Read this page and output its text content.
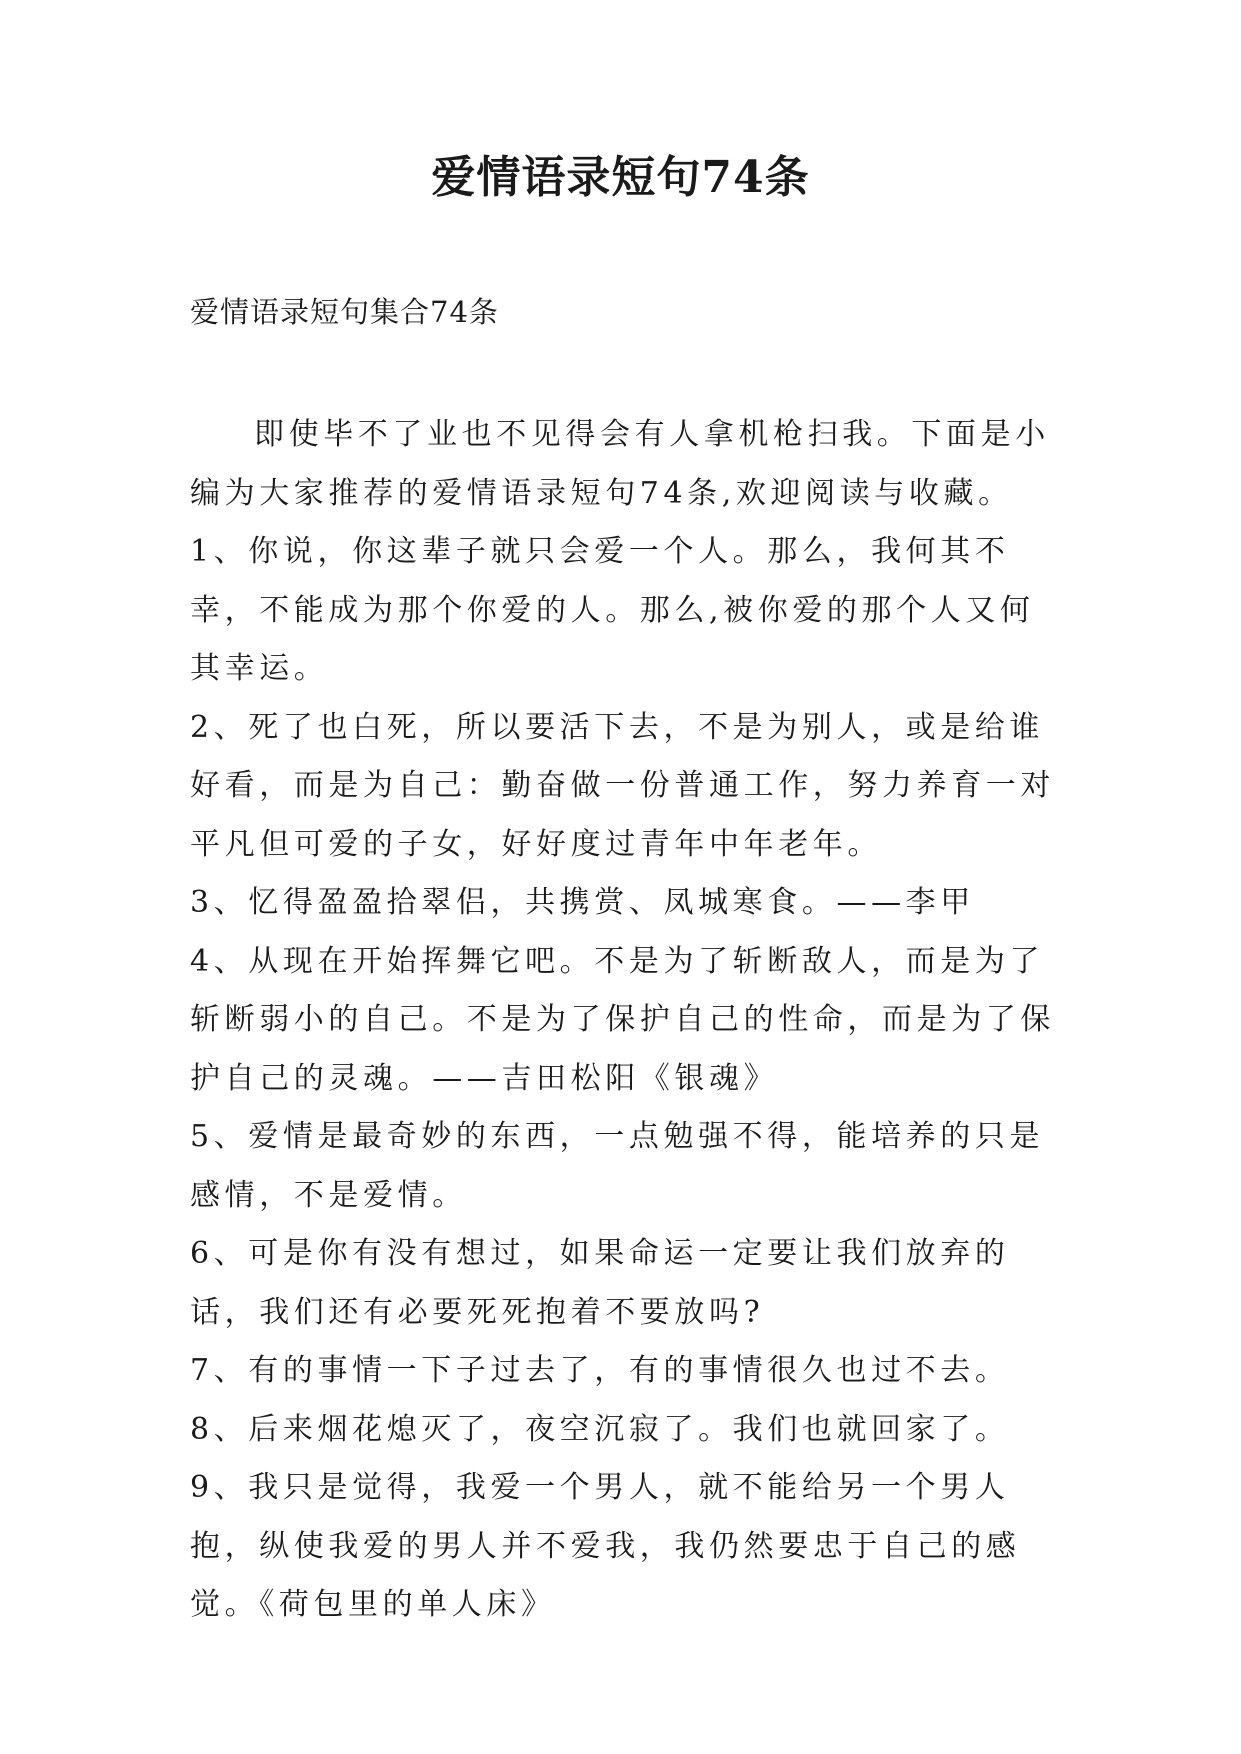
爱情语录短句74条
爱情语录短句集合74条

即使毕不了业也不见得会有人拿机枪扫我。下面是小编为大家推荐的爱情语录短句74条,欢迎阅读与收藏。

1、你说，你这辈子就只会爱一个人。那么，我何其不幸，不能成为那个你爱的人。那么,被你爱的那个人又何其幸运。

2、死了也白死，所以要活下去，不是为别人，或是给谁好看，而是为自己：勤奋做一份普通工作，努力养育一对平凡但可爱的子女，好好度过青年中年老年。

3、忆得盈盈拾翠侣，共携赏、凤城寒食。——李甲

4、从现在开始挥舞它吧。不是为了斩断敌人，而是为了斩断弱小的自己。不是为了保护自己的性命，而是为了保护自己的灵魂。——吉田松阳《银魂》

5、爱情是最奇妙的东西，一点勉强不得，能培养的只是感情，不是爱情。

6、可是你有没有想过，如果命运一定要让我们放弃的话，我们还有必要死死抱着不要放吗?

7、有的事情一下子过去了，有的事情很久也过不去。

8、后来烟花熄灭了，夜空沉寂了。我们也就回家了。

9、我只是觉得，我爱一个男人，就不能给另一个男人抱，纵使我爱的男人并不爱我，我仍然要忠于自己的感觉。《荷包里的单人床》
